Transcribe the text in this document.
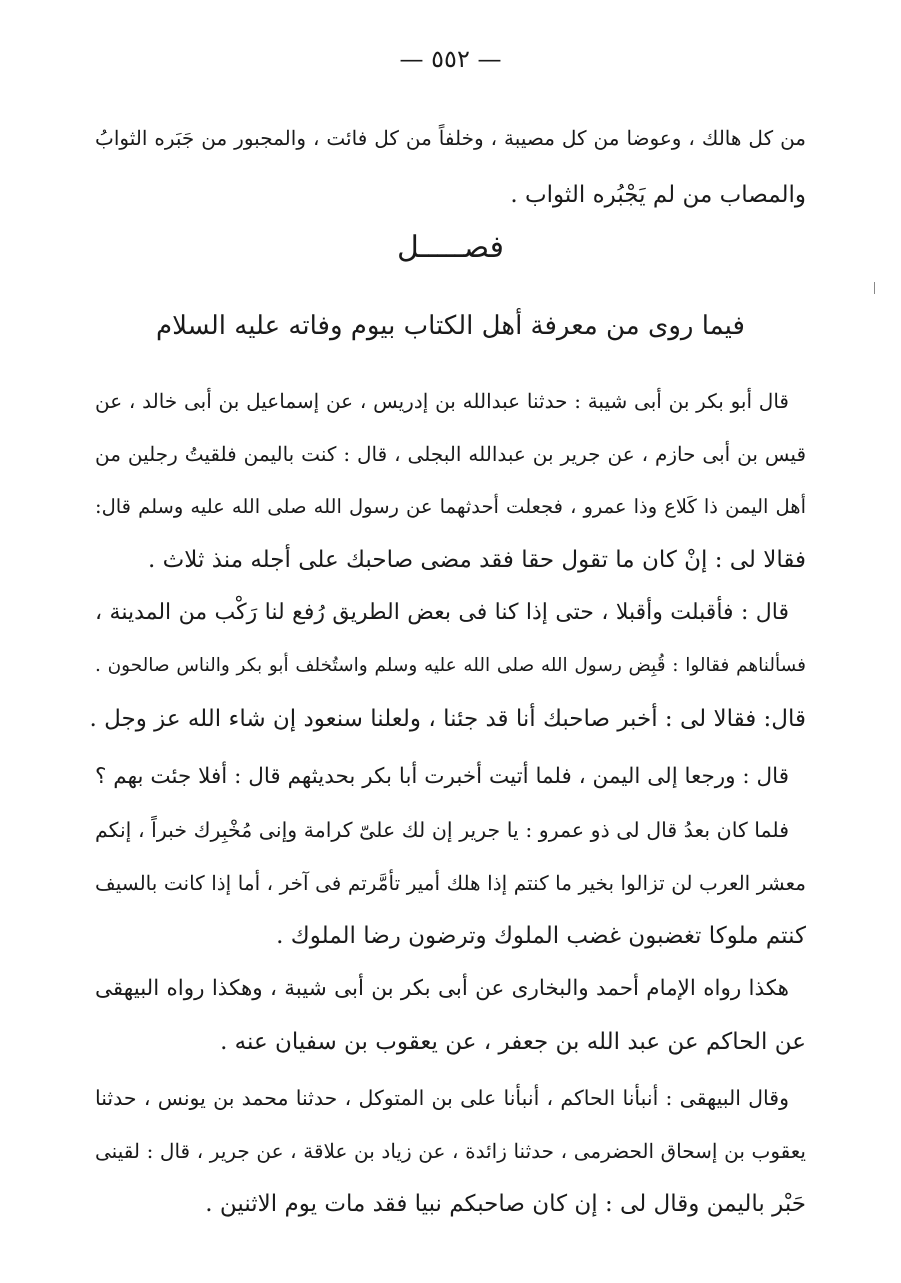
— ٥٥٢ —
من كل هالك ، وعوضا من كل مصيبة ، وخلفاً من كل فائت ، والمجبور من جَبَره الثوابُ
والمصاب من لم يَجْبُره الثواب .
فصـــــل
فيما روى من معرفة أهل الكتاب بيوم وفاته عليه السلام
قال أبو بكر بن أبى شيبة : حدثنا عبدالله بن إدريس ، عن إسماعيل بن أبى خالد ، عن
قيس بن أبى حازم ، عن جرير بن عبدالله البجلى ، قال : كنت باليمن فلقيتُ رجلين من
أهل اليمن ذا كَلاع وذا عمرو ، فجعلت أحدثهما عن رسول الله صلى الله عليه وسلم قال:
فقالا لى : إنْ كان ما تقول حقا فقد مضى صاحبك على أجله منذ ثلاث .
قال : فأقبلت وأقبلا ، حتى إذا كنا فى بعض الطريق رُفع لنا رَكْب من المدينة ،
فسألناهم فقالوا : قُبِض رسول الله صلى الله عليه وسلم واستُخلف أبو بكر والناس صالحون .
قال: فقالا لى : أخبر صاحبك أنا قد جئنا ، ولعلنا سنعود إن شاء الله عز وجل .
قال : ورجعا إلى اليمن ، فلما أتيت أخبرت أبا بكر بحديثهم قال : أفلا جئت بهم ؟
فلما كان بعدُ قال لى ذو عمرو : يا جرير إن لك علىّ كرامة وإنى مُخْبِرك خبراً ، إنكم
معشر العرب لن تزالوا بخير ما كنتم إذا هلك أمير تأمَّرتم فى آخر ، أما إذا كانت بالسيف
كنتم ملوكا تغضبون غضب الملوك وترضون رضا الملوك .
هكذا رواه الإمام أحمد والبخارى عن أبى بكر بن أبى شيبة ، وهكذا رواه البيهقى
عن الحاكم عن عبد الله بن جعفر ، عن يعقوب بن سفيان عنه .
وقال البيهقى : أنبأنا الحاكم ، أنبأنا على بن المتوكل ، حدثنا محمد بن يونس ، حدثنا
يعقوب بن إسحاق الحضرمى ، حدثنا زائدة ، عن زياد بن علاقة ، عن جرير ، قال : لقينى
حَبْر باليمن وقال لى : إن كان صاحبكم نبيا فقد مات يوم الاثنين .
